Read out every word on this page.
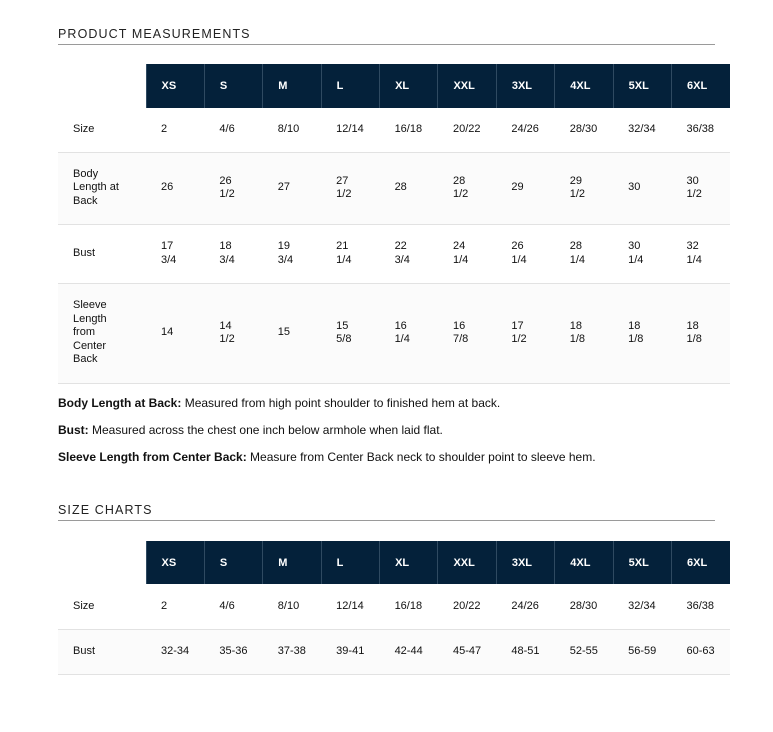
PRODUCT MEASUREMENTS
	XS	S	M	L	XL	XXL	3XL	4XL	5XL	6XL
Size	2	4/6	8/10	12/14	16/18	20/22	24/26	28/30	32/34	36/38
Body Length at Back	26	26 1/2	27	27 1/2	28	28 1/2	29	29 1/2	30	30 1/2
Bust	17 3/4	18 3/4	19 3/4	21 1/4	22 3/4	24 1/4	26 1/4	28 1/4	30 1/4	32 1/4
Sleeve Length from Center Back	14	14 1/2	15	15 5/8	16 1/4	16 7/8	17 1/2	18 1/8	18 1/8	18 1/8

Body Length at Back: Measured from high point shoulder to finished hem at back.

Bust: Measured across the chest one inch below armhole when laid flat.

Sleeve Length from Center Back: Measure from Center Back neck to shoulder point to sleeve hem.

SIZE CHARTS
	XS	S	M	L	XL	XXL	3XL	4XL	5XL	6XL
Size	2	4/6	8/10	12/14	16/18	20/22	24/26	28/30	32/34	36/38
Bust	32-34	35-36	37-38	39-41	42-44	45-47	48-51	52-55	56-59	60-63
